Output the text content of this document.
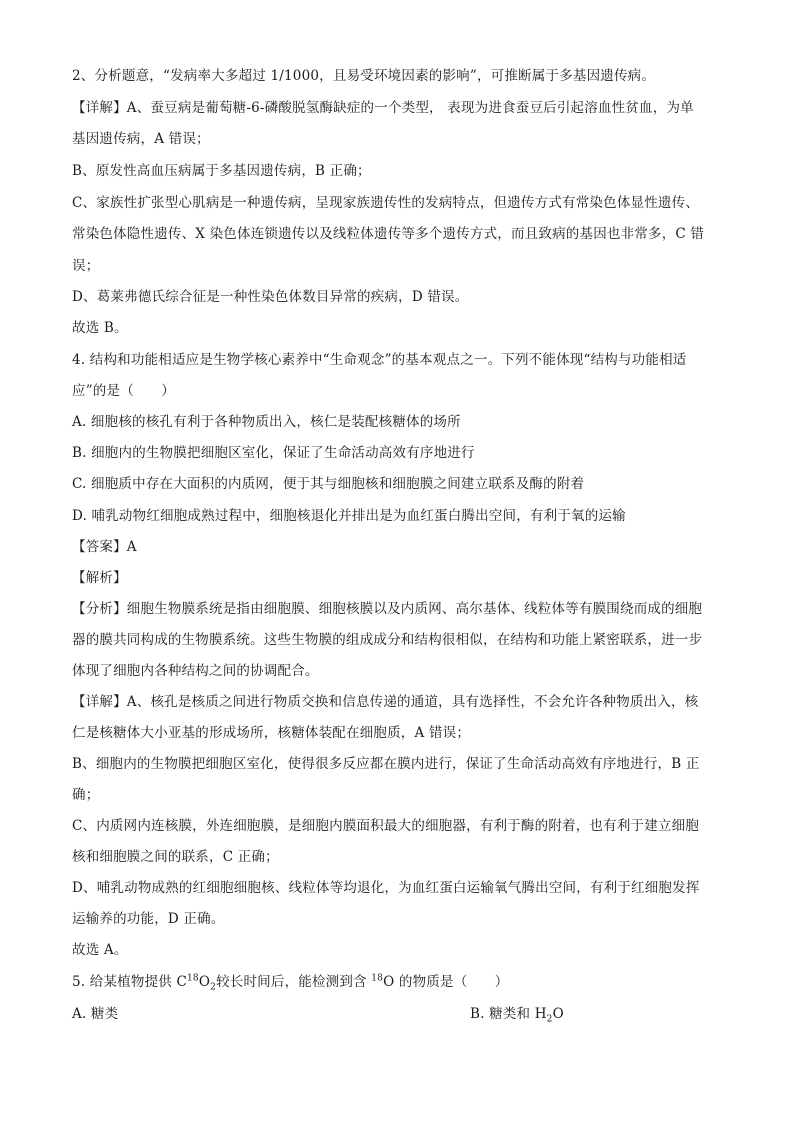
2、分析题意，“发病率大多超过 1/1000，且易受环境因素的影响”，可推断属于多基因遗传病。
【详解】A、蚕豆病是葡萄糖-6-磷酸脱氢酶缺症的一个类型， 表现为进食蚕豆后引起溶血性贫血，为单
基因遗传病，A 错误；
B、原发性高血压病属于多基因遗传病，B 正确；
C、家族性扩张型心肌病是一种遗传病，呈现家族遗传性的发病特点，但遗传方式有常染色体显性遗传、
常染色体隐性遗传、X 染色体连锁遗传以及线粒体遗传等多个遗传方式，而且致病的基因也非常多，C 错
误；
D、葛莱弗德氏综合征是一种性染色体数目异常的疾病，D 错误。
故选 B。
4. 结构和功能相适应是生物学核心素养中“生命观念”的基本观点之一。下列不能体现“结构与功能相适
应”的是（　　）
A. 细胞核的核孔有利于各种物质出入，核仁是装配核糖体的场所
B. 细胞内的生物膜把细胞区室化，保证了生命活动高效有序地进行
C. 细胞质中存在大面积的内质网，便于其与细胞核和细胞膜之间建立联系及酶的附着
D. 哺乳动物红细胞成熟过程中，细胞核退化并排出是为血红蛋白腾出空间，有利于氧的运输
【答案】A
【解析】
【分析】细胞生物膜系统是指由细胞膜、细胞核膜以及内质网、高尔基体、线粒体等有膜围绕而成的细胞
器的膜共同构成的生物膜系统。这些生物膜的组成成分和结构很相似，在结构和功能上紧密联系，进一步
体现了细胞内各种结构之间的协调配合。
【详解】A、核孔是核质之间进行物质交换和信息传递的通道，具有选择性，不会允许各种物质出入，核
仁是核糖体大小亚基的形成场所，核糖体装配在细胞质，A 错误；
B、细胞内的生物膜把细胞区室化，使得很多反应都在膜内进行，保证了生命活动高效有序地进行，B 正
确；
C、内质网内连核膜，外连细胞膜，是细胞内膜面积最大的细胞器，有利于酶的附着，也有利于建立细胞
核和细胞膜之间的联系，C 正确；
D、哺乳动物成熟的红细胞细胞核、线粒体等均退化，为血红蛋白运输氧气腾出空间，有利于红细胞发挥
运输养的功能，D 正确。
故选 A。
5. 给某植物提供 $C^{18}O_2$较长时间后，能检测到含 $^{18}$O 的物质是（　　）
A. 糖类	B. 糖类和 $H_2O$
